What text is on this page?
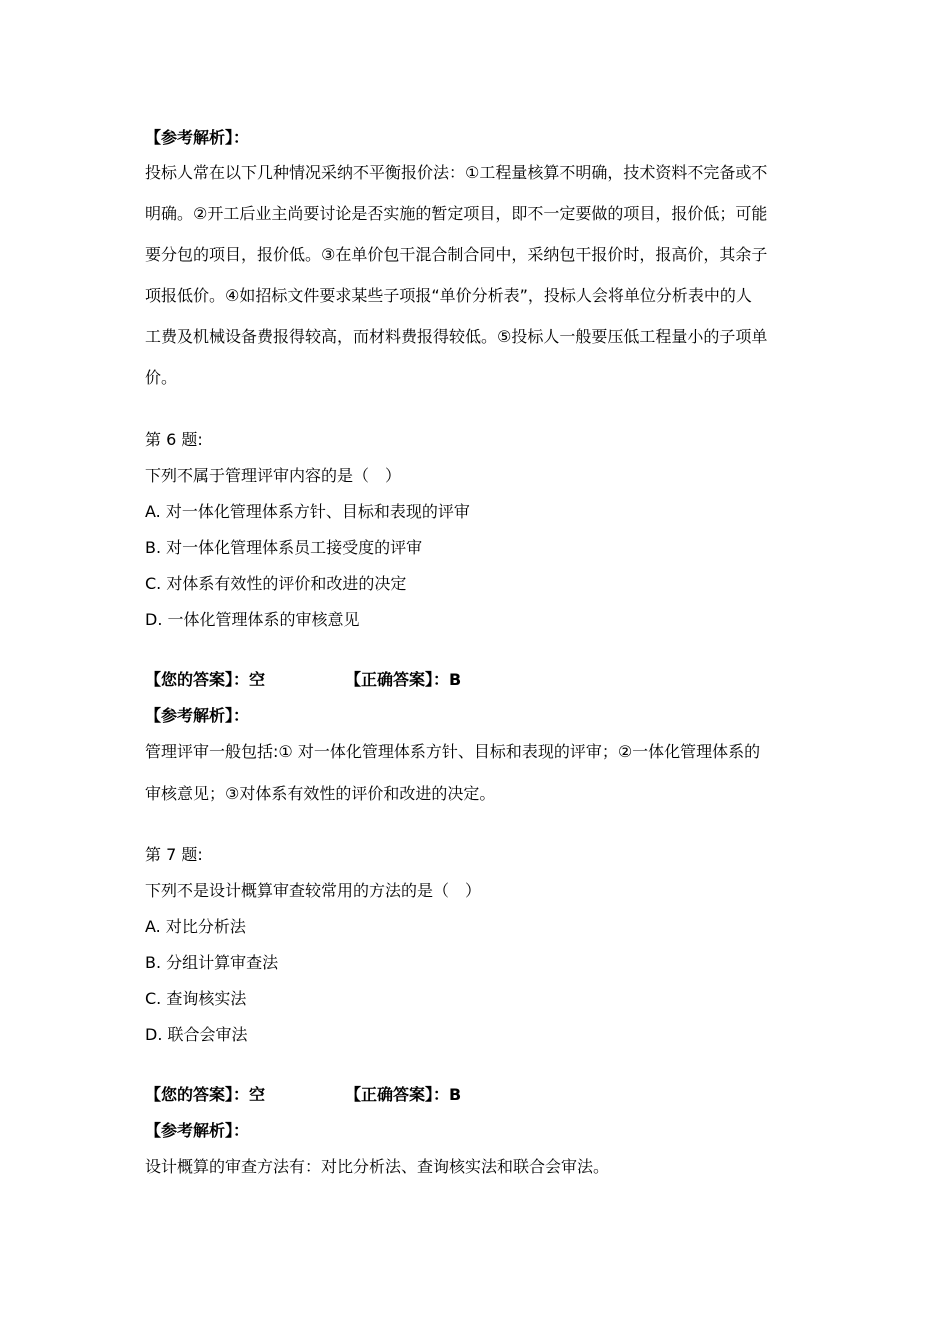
【参考解析】：
投标人常在以下几种情况采纳不平衡报价法：①工程量核算不明确，技术资料不完备或不
明确。②开工后业主尚要讨论是否实施的暂定项目，即不一定要做的项目，报价低；可能
要分包的项目，报价低。③在单价包干混合制合同中，采纳包干报价时，报高价，其余子
项报低价。④如招标文件要求某些子项报“单价分析表”，投标人会将单位分析表中的人
工费及机械设备费报得较高，而材料费报得较低。⑤投标人一般要压低工程量小的子项单
价。
第 6 题:
下列不属于管理评审内容的是（　）
A. 对一体化管理体系方针、目标和表现的评审
B. 对一体化管理体系员工接受度的评审
C. 对体系有效性的评价和改进的决定
D. 一体化管理体系的审核意见
【您的答案】：空	【正确答案】：B
【参考解析】：
管理评审一般包括:① 对一体化管理体系方针、目标和表现的评审；②一体化管理体系的
审核意见；③对体系有效性的评价和改进的决定。
第 7 题:
下列不是设计概算审查较常用的方法的是（　）
A. 对比分析法
B. 分组计算审查法
C. 查询核实法
D. 联合会审法
【您的答案】：空	【正确答案】：B
【参考解析】：
设计概算的审查方法有：对比分析法、查询核实法和联合会审法。
